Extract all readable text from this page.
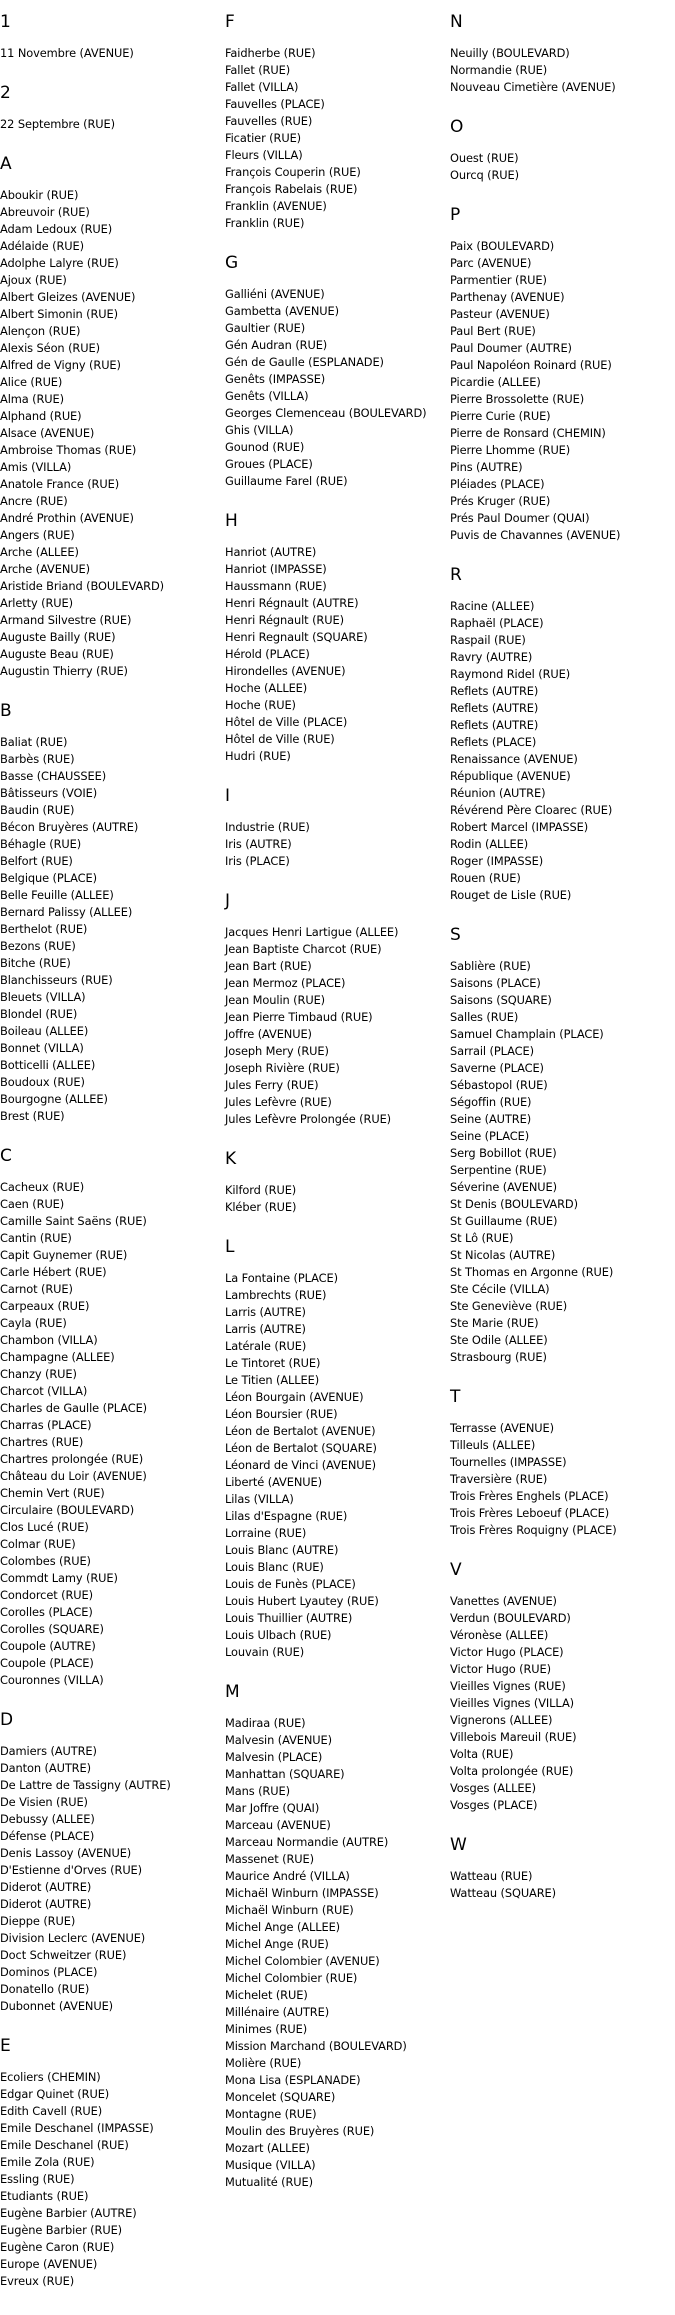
1
11 Novembre (AVENUE)
2
22 Septembre (RUE)
A
Aboukir (RUE)
Abreuvoir (RUE)
Adam Ledoux (RUE)
Adélaide (RUE)
Adolphe Lalyre (RUE)
Ajoux (RUE)
Albert Gleizes (AVENUE)
Albert Simonin (RUE)
Alençon (RUE)
Alexis Séon (RUE)
Alfred de Vigny (RUE)
Alice (RUE)
Alma (RUE)
Alphand (RUE)
Alsace (AVENUE)
Ambroise Thomas (RUE)
Amis (VILLA)
Anatole France (RUE)
Ancre (RUE)
André Prothin (AVENUE)
Angers (RUE)
Arche (ALLEE)
Arche (AVENUE)
Aristide Briand (BOULEVARD)
Arletty (RUE)
Armand Silvestre (RUE)
Auguste Bailly (RUE)
Auguste Beau (RUE)
Augustin Thierry (RUE)
B
Baliat (RUE)
Barbès (RUE)
Basse (CHAUSSEE)
Bâtisseurs (VOIE)
Baudin (RUE)
Bécon Bruyères (AUTRE)
Béhagle (RUE)
Belfort (RUE)
Belgique (PLACE)
Belle Feuille (ALLEE)
Bernard Palissy (ALLEE)
Berthelot (RUE)
Bezons (RUE)
Bitche (RUE)
Blanchisseurs (RUE)
Bleuets (VILLA)
Blondel (RUE)
Boileau (ALLEE)
Bonnet (VILLA)
Botticelli (ALLEE)
Boudoux (RUE)
Bourgogne (ALLEE)
Brest (RUE)
C
Cacheux (RUE)
Caen (RUE)
Camille Saint Saëns (RUE)
Cantin (RUE)
Capit Guynemer (RUE)
Carle Hébert (RUE)
Carnot (RUE)
Carpeaux (RUE)
Cayla (RUE)
Chambon (VILLA)
Champagne (ALLEE)
Chanzy (RUE)
Charcot (VILLA)
Charles de Gaulle (PLACE)
Charras (PLACE)
Chartres (RUE)
Chartres prolongée (RUE)
Château du Loir (AVENUE)
Chemin Vert (RUE)
Circulaire (BOULEVARD)
Clos Lucé (RUE)
Colmar (RUE)
Colombes (RUE)
Commdt Lamy (RUE)
Condorcet (RUE)
Corolles (PLACE)
Corolles (SQUARE)
Coupole (AUTRE)
Coupole (PLACE)
Couronnes (VILLA)
D
Damiers (AUTRE)
Danton (AUTRE)
De Lattre de Tassigny (AUTRE)
De Visien (RUE)
Debussy (ALLEE)
Défense (PLACE)
Denis Lassoy (AVENUE)
D'Estienne d'Orves (RUE)
Diderot (AUTRE)
Diderot (AUTRE)
Dieppe (RUE)
Division Leclerc (AVENUE)
Doct Schweitzer (RUE)
Dominos (PLACE)
Donatello (RUE)
Dubonnet (AVENUE)
E
Ecoliers (CHEMIN)
Edgar Quinet (RUE)
Edith Cavell (RUE)
Emile Deschanel (IMPASSE)
Emile Deschanel (RUE)
Emile Zola (RUE)
Essling (RUE)
Etudiants (RUE)
Eugène Barbier (AUTRE)
Eugène Barbier (RUE)
Eugène Caron (RUE)
Europe (AVENUE)
Evreux (RUE)
F
Faidherbe (RUE)
Fallet (RUE)
Fallet (VILLA)
Fauvelles (PLACE)
Fauvelles (RUE)
Ficatier (RUE)
Fleurs (VILLA)
François Couperin (RUE)
François Rabelais (RUE)
Franklin (AVENUE)
Franklin (RUE)
G
Galliéni (AVENUE)
Gambetta (AVENUE)
Gaultier (RUE)
Gén Audran (RUE)
Gén de Gaulle (ESPLANADE)
Genêts (IMPASSE)
Genêts (VILLA)
Georges Clemenceau (BOULEVARD)
Ghis (VILLA)
Gounod (RUE)
Groues (PLACE)
Guillaume Farel (RUE)
H
Hanriot (AUTRE)
Hanriot (IMPASSE)
Haussmann (RUE)
Henri Régnault (AUTRE)
Henri Régnault (RUE)
Henri Regnault (SQUARE)
Hérold (PLACE)
Hirondelles (AVENUE)
Hoche (ALLEE)
Hoche (RUE)
Hôtel de Ville (PLACE)
Hôtel de Ville (RUE)
Hudri (RUE)
I
Industrie (RUE)
Iris (AUTRE)
Iris (PLACE)
J
Jacques Henri Lartigue (ALLEE)
Jean Baptiste Charcot (RUE)
Jean Bart (RUE)
Jean Mermoz (PLACE)
Jean Moulin (RUE)
Jean Pierre Timbaud (RUE)
Joffre (AVENUE)
Joseph Mery (RUE)
Joseph Rivière (RUE)
Jules Ferry (RUE)
Jules Lefèvre (RUE)
Jules Lefèvre Prolongée (RUE)
K
Kilford (RUE)
Kléber (RUE)
L
La Fontaine (PLACE)
Lambrechts (RUE)
Larris (AUTRE)
Larris (AUTRE)
Latérale (RUE)
Le Tintoret (RUE)
Le Titien (ALLEE)
Léon Bourgain (AVENUE)
Léon Boursier (RUE)
Léon de Bertalot (AVENUE)
Léon de Bertalot (SQUARE)
Léonard de Vinci (AVENUE)
Liberté (AVENUE)
Lilas (VILLA)
Lilas d'Espagne (RUE)
Lorraine (RUE)
Louis Blanc (AUTRE)
Louis Blanc (RUE)
Louis de Funès (PLACE)
Louis Hubert Lyautey (RUE)
Louis Thuillier (AUTRE)
Louis Ulbach (RUE)
Louvain (RUE)
M
Madiraa (RUE)
Malvesin (AVENUE)
Malvesin (PLACE)
Manhattan (SQUARE)
Mans (RUE)
Mar Joffre (QUAI)
Marceau (AVENUE)
Marceau Normandie (AUTRE)
Massenet (RUE)
Maurice André (VILLA)
Michaël Winburn (IMPASSE)
Michaël Winburn (RUE)
Michel Ange (ALLEE)
Michel Ange (RUE)
Michel Colombier (AVENUE)
Michel Colombier (RUE)
Michelet (RUE)
Millénaire (AUTRE)
Minimes (RUE)
Mission Marchand (BOULEVARD)
Molière (RUE)
Mona Lisa (ESPLANADE)
Moncelet (SQUARE)
Montagne (RUE)
Moulin des Bruyères (RUE)
Mozart (ALLEE)
Musique (VILLA)
Mutualité (RUE)
N
Neuilly (BOULEVARD)
Normandie (RUE)
Nouveau Cimetière (AVENUE)
O
Ouest (RUE)
Ourcq (RUE)
P
Paix (BOULEVARD)
Parc (AVENUE)
Parmentier (RUE)
Parthenay (AVENUE)
Pasteur (AVENUE)
Paul Bert (RUE)
Paul Doumer (AUTRE)
Paul Napoléon Roinard (RUE)
Picardie (ALLEE)
Pierre Brossolette (RUE)
Pierre Curie (RUE)
Pierre de Ronsard (CHEMIN)
Pierre Lhomme (RUE)
Pins (AUTRE)
Pléiades (PLACE)
Prés Kruger (RUE)
Prés Paul Doumer (QUAI)
Puvis de Chavannes (AVENUE)
R
Racine (ALLEE)
Raphaël (PLACE)
Raspail (RUE)
Ravry (AUTRE)
Raymond Ridel (RUE)
Reflets (AUTRE)
Reflets (AUTRE)
Reflets (AUTRE)
Reflets (PLACE)
Renaissance (AVENUE)
République (AVENUE)
Réunion (AUTRE)
Révérend Père Cloarec (RUE)
Robert Marcel (IMPASSE)
Rodin (ALLEE)
Roger (IMPASSE)
Rouen (RUE)
Rouget de Lisle (RUE)
S
Sablière (RUE)
Saisons (PLACE)
Saisons (SQUARE)
Salles (RUE)
Samuel Champlain (PLACE)
Sarrail (PLACE)
Saverne (PLACE)
Sébastopol (RUE)
Ségoffin (RUE)
Seine (AUTRE)
Seine (PLACE)
Serg Bobillot (RUE)
Serpentine (RUE)
Séverine (AVENUE)
St Denis (BOULEVARD)
St Guillaume (RUE)
St Lô (RUE)
St Nicolas (AUTRE)
St Thomas en Argonne (RUE)
Ste Cécile (VILLA)
Ste Geneviève (RUE)
Ste Marie (RUE)
Ste Odile (ALLEE)
Strasbourg (RUE)
T
Terrasse (AVENUE)
Tilleuls (ALLEE)
Tournelles (IMPASSE)
Traversière (RUE)
Trois Frères Enghels (PLACE)
Trois Frères Leboeuf (PLACE)
Trois Frères Roquigny (PLACE)
V
Vanettes (AVENUE)
Verdun (BOULEVARD)
Véronèse (ALLEE)
Victor Hugo (PLACE)
Victor Hugo (RUE)
Vieilles Vignes (RUE)
Vieilles Vignes (VILLA)
Vignerons (ALLEE)
Villebois Mareuil (RUE)
Volta (RUE)
Volta prolongée (RUE)
Vosges (ALLEE)
Vosges (PLACE)
W
Watteau (RUE)
Watteau (SQUARE)
